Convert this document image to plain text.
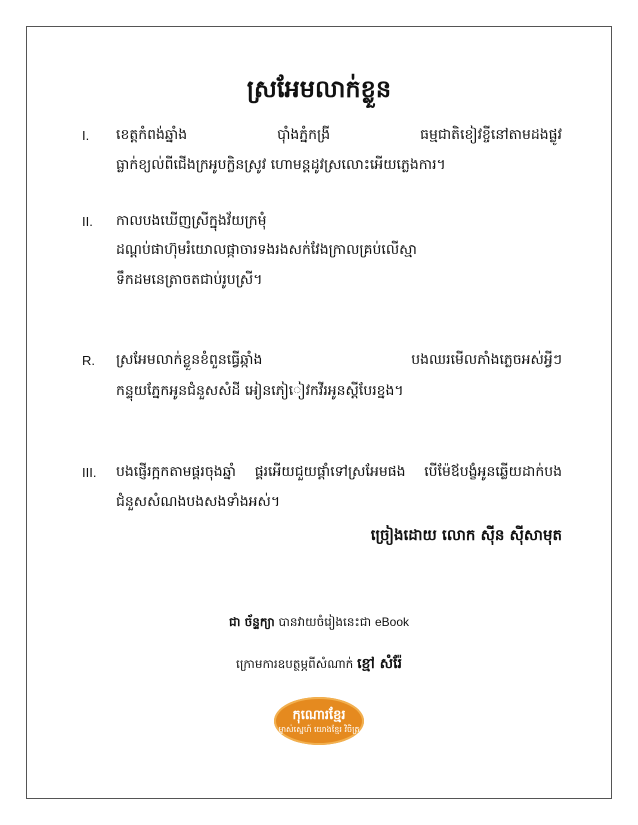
ស្រអែមលាក់ខ្លួន
I. ខេត្តកំពង់ឆ្នាំង	ប៉ាំងភ្នំកង្រី	ធម្មជាតិខៀវខ្ចីនៅតាមដងផ្លូវ
ធ្លាក់ខ្យល់ពីជើងក្រអូបក្លិនស្រូវ ហោមន្តដូវស្រលោះអើយភ្លេងការ។
II. កាលបងឃើញស្រីក្នុងវ័យក្រមុំ
ដណ្ដប់ផាហ៊ុមរំយោលផ្កាចារទងរងសក់វែងក្រាលគ្រប់លើស្មា
ទឹកដមនេត្រាចតជាប់រូបស្រី។
R. ស្រអែមលាក់ខ្លួនខំពួនធ្វើឆ្កាំង	បងឈរមើលភាំងភ្លេចអស់អ្វីៗ
កន្ទុយភ្នែកអូនជំនួសសំដី អៀនភៀៀវកវីរអូនស្ដីបែរខ្នង។
III. បងផ្ញើរក្អកតាមផ្គរចុងឆ្នាំ ផ្គរអើយជួយផ្ដាំទៅស្រអែមផង បើម៉ែឪបង្ខំអូនឆ្លើយដាក់បង
ជំនួសសំណងបងសងទាំងអស់។
ច្រៀងដោយ លោក ស៊ីន ស៊ីសាមុត
ជា ច័ន្ទក្យា បានវាយចំរៀងនេះជា eBook
ក្រោមការឧបត្ថម្ភពីសំណាក់ ខ្មៅ សំរ៉ែ
កុណោរខ្មែរ
ម្ចាស់ស្នេហ៍ យោងខ្មែរ វិចិត្រ
